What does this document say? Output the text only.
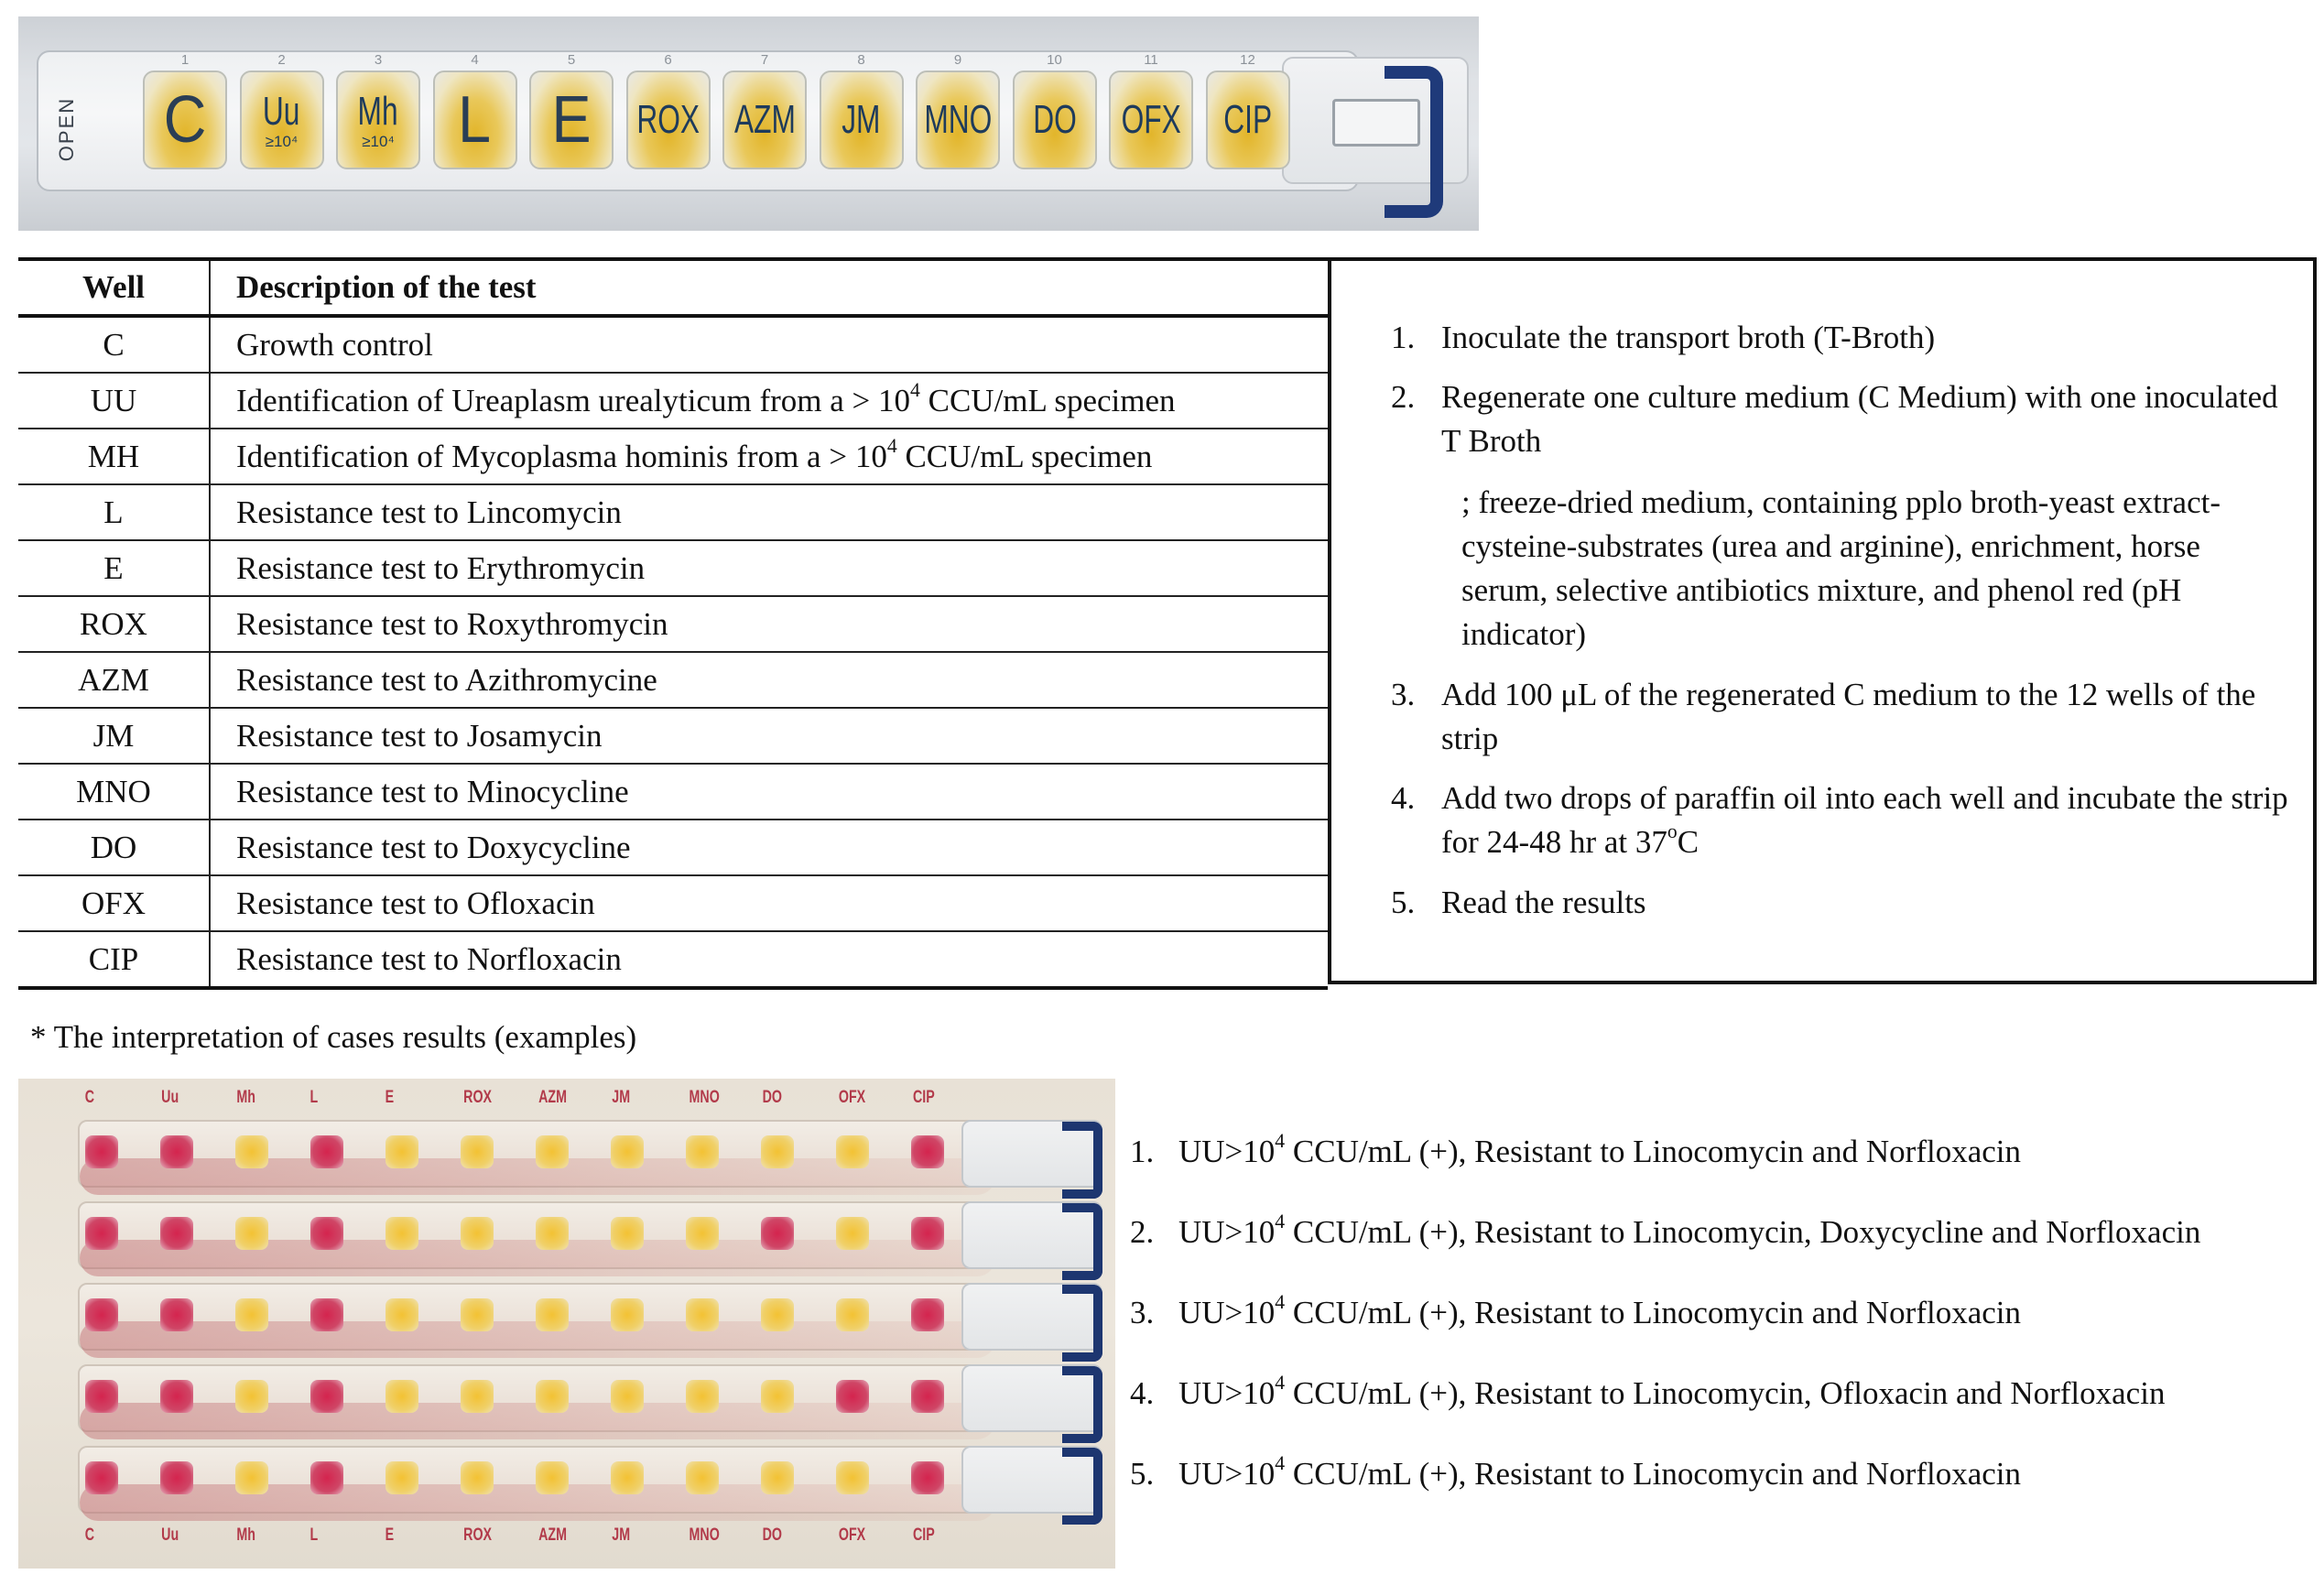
OPEN
1
C
2
Uu
≥10⁴
3
Mh
≥10⁴
4
L
5
E
6
ROX
7
AZM
8
JM
9
MNO
10
DO
11
OFX
12
CIP
Well	Description of the test
C	Growth control
UU	Identification of Ureaplasm urealyticum from $a > 10^4$ CCU/mL specimen
MH	Identification of Mycoplasma hominis from $a > 10^4$ CCU/mL specimen
L	Resistance test to Lincomycin
E	Resistance test to Erythromycin
ROX	Resistance test to Roxythromycin
AZM	Resistance test to Azithromycine
JM	Resistance test to Josamycin
MNO	Resistance test to Minocycline
DO	Resistance test to Doxycycline
OFX	Resistance test to Ofloxacin
CIP	Resistance test to Norfloxacin
1. Inoculate the transport broth (T-Broth)
2. Regenerate one culture medium (C Medium) with one inoculated T Broth
; freeze-dried medium, containing pplo broth-yeast extract-cysteine-substrates (urea and arginine), enrichment, horse serum, selective antibiotics mixture, and phenol red (pH indicator)
3. Add 100 μL of the regenerated C medium to the 12 wells of the strip
4. Add two drops of paraffin oil into each well and incubate the strip for 24-48 hr at 37$^o$C
5. Read the results
* The interpretation of cases results (examples)
C
C
Uu
Uu
Mh
Mh
L
L
E
E
ROX
ROX
AZM
AZM
JM
JM
MNO
MNO
DO
DO
OFX
OFX
CIP
CIP
1. $UU>10^4$ CCU/mL (+), Resistant to Linocomycin and Norfloxacin
2. $UU>10^4$ CCU/mL (+), Resistant to Linocomycin, Doxycycline and Norfloxacin
3. $UU>10^4$ CCU/mL (+), Resistant to Linocomycin and Norfloxacin
4. $UU>10^4$ CCU/mL (+), Resistant to Linocomycin, Ofloxacin and Norfloxacin
5. $UU>10^4$ CCU/mL (+), Resistant to Linocomycin and Norfloxacin
